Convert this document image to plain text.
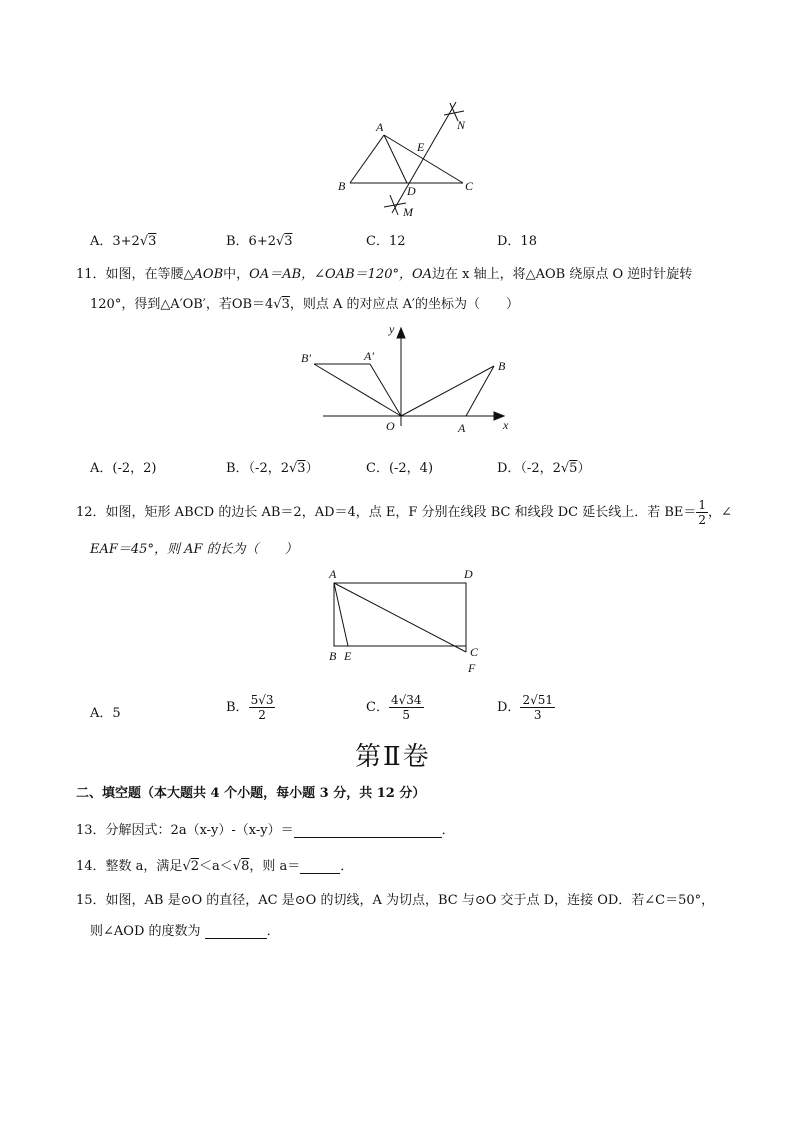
A
B	C
D
E
M
N
A．3+2√3	B．6+2√3	C．12	D．18
11．如图，在等腰△AOB中，OA＝AB，∠OAB＝120°，OA边在 x 轴上，将△AOB 绕原点 O 逆时针旋转
120°，得到△A′OB′，若OB＝4√3，则点 A 的对应点 A′的坐标为（　　）
y
x
O	A
B
A′
B′
A．(-2，2)	B．（-2，2√3）	C．(-2，4)	D．（-2，2√5）
12．如图，矩形 ABCD 的边长 AB＝2，AD＝4，点 E，F 分别在线段 BC 和线段 DC 延长线上．若 $BE= \frac{1}{2}$ ，∠
EAF＝45°，则 AF 的长为（　　）
A	D
B E	C
F
A．5	B． $\frac{5√3}{2}$	C． $\frac{4√34}{5}$	D． $\frac{2√51}{3}$
第Ⅱ卷
二、填空题（本大题共 4 个小题，每小题 3 分，共 12 分）
13．分解因式：2a（x-y）-（x-y）＝	．
14．整数 a，满足√2＜a＜√8，则 a＝	．
15．如图，AB 是⊙O 的直径，AC 是⊙O 的切线，A 为切点，BC 与⊙O 交于点 D，连接 OD．若∠C＝50°，
则∠AOD 的度数为	．
